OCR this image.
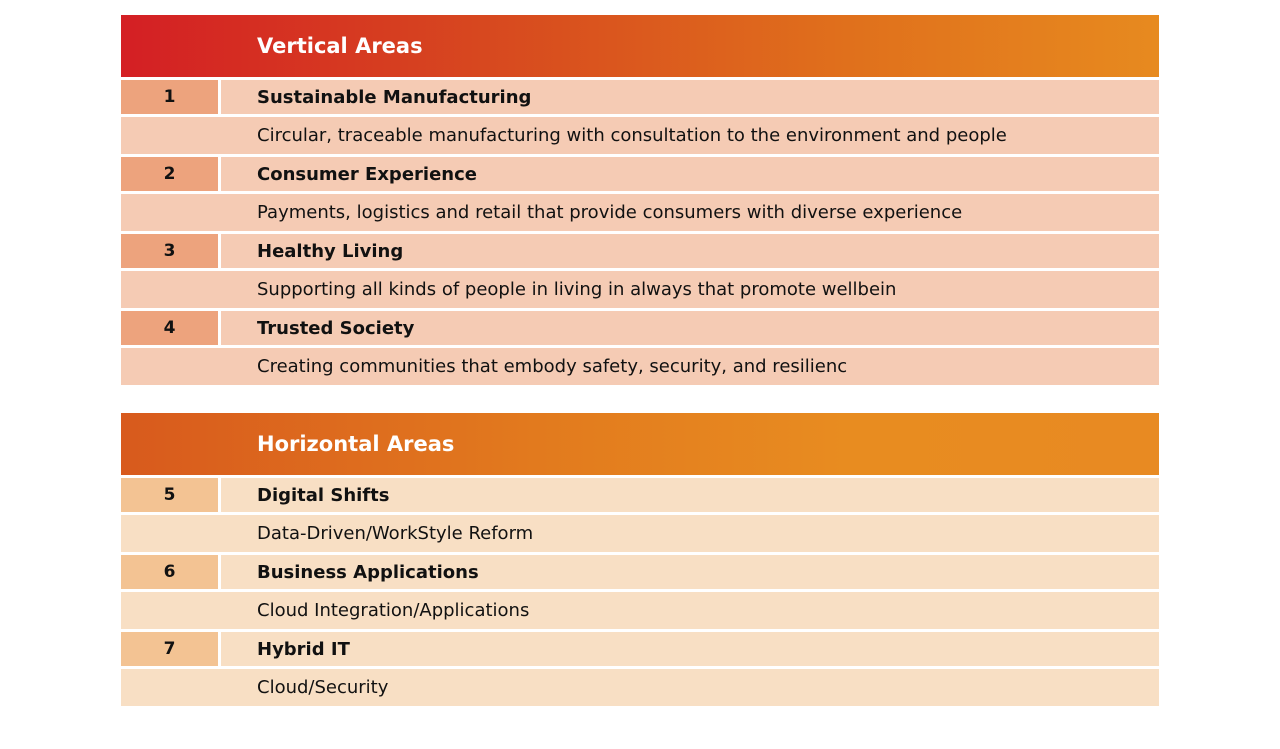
Vertical Areas
1	Sustainable Manufacturing
Circular, traceable manufacturing with consultation to the environment and people
2	Consumer Experience
Payments, logistics and retail that provide consumers with diverse experience
3	Healthy Living
Supporting all kinds of people in living in always that promote wellbein
4	Trusted Society
Creating communities that embody safety, security, and resilienc
Horizontal Areas
5	Digital Shifts
Data-Driven/WorkStyle Reform
6	Business Applications
Cloud Integration/Applications
7	Hybrid IT
Cloud/Security
